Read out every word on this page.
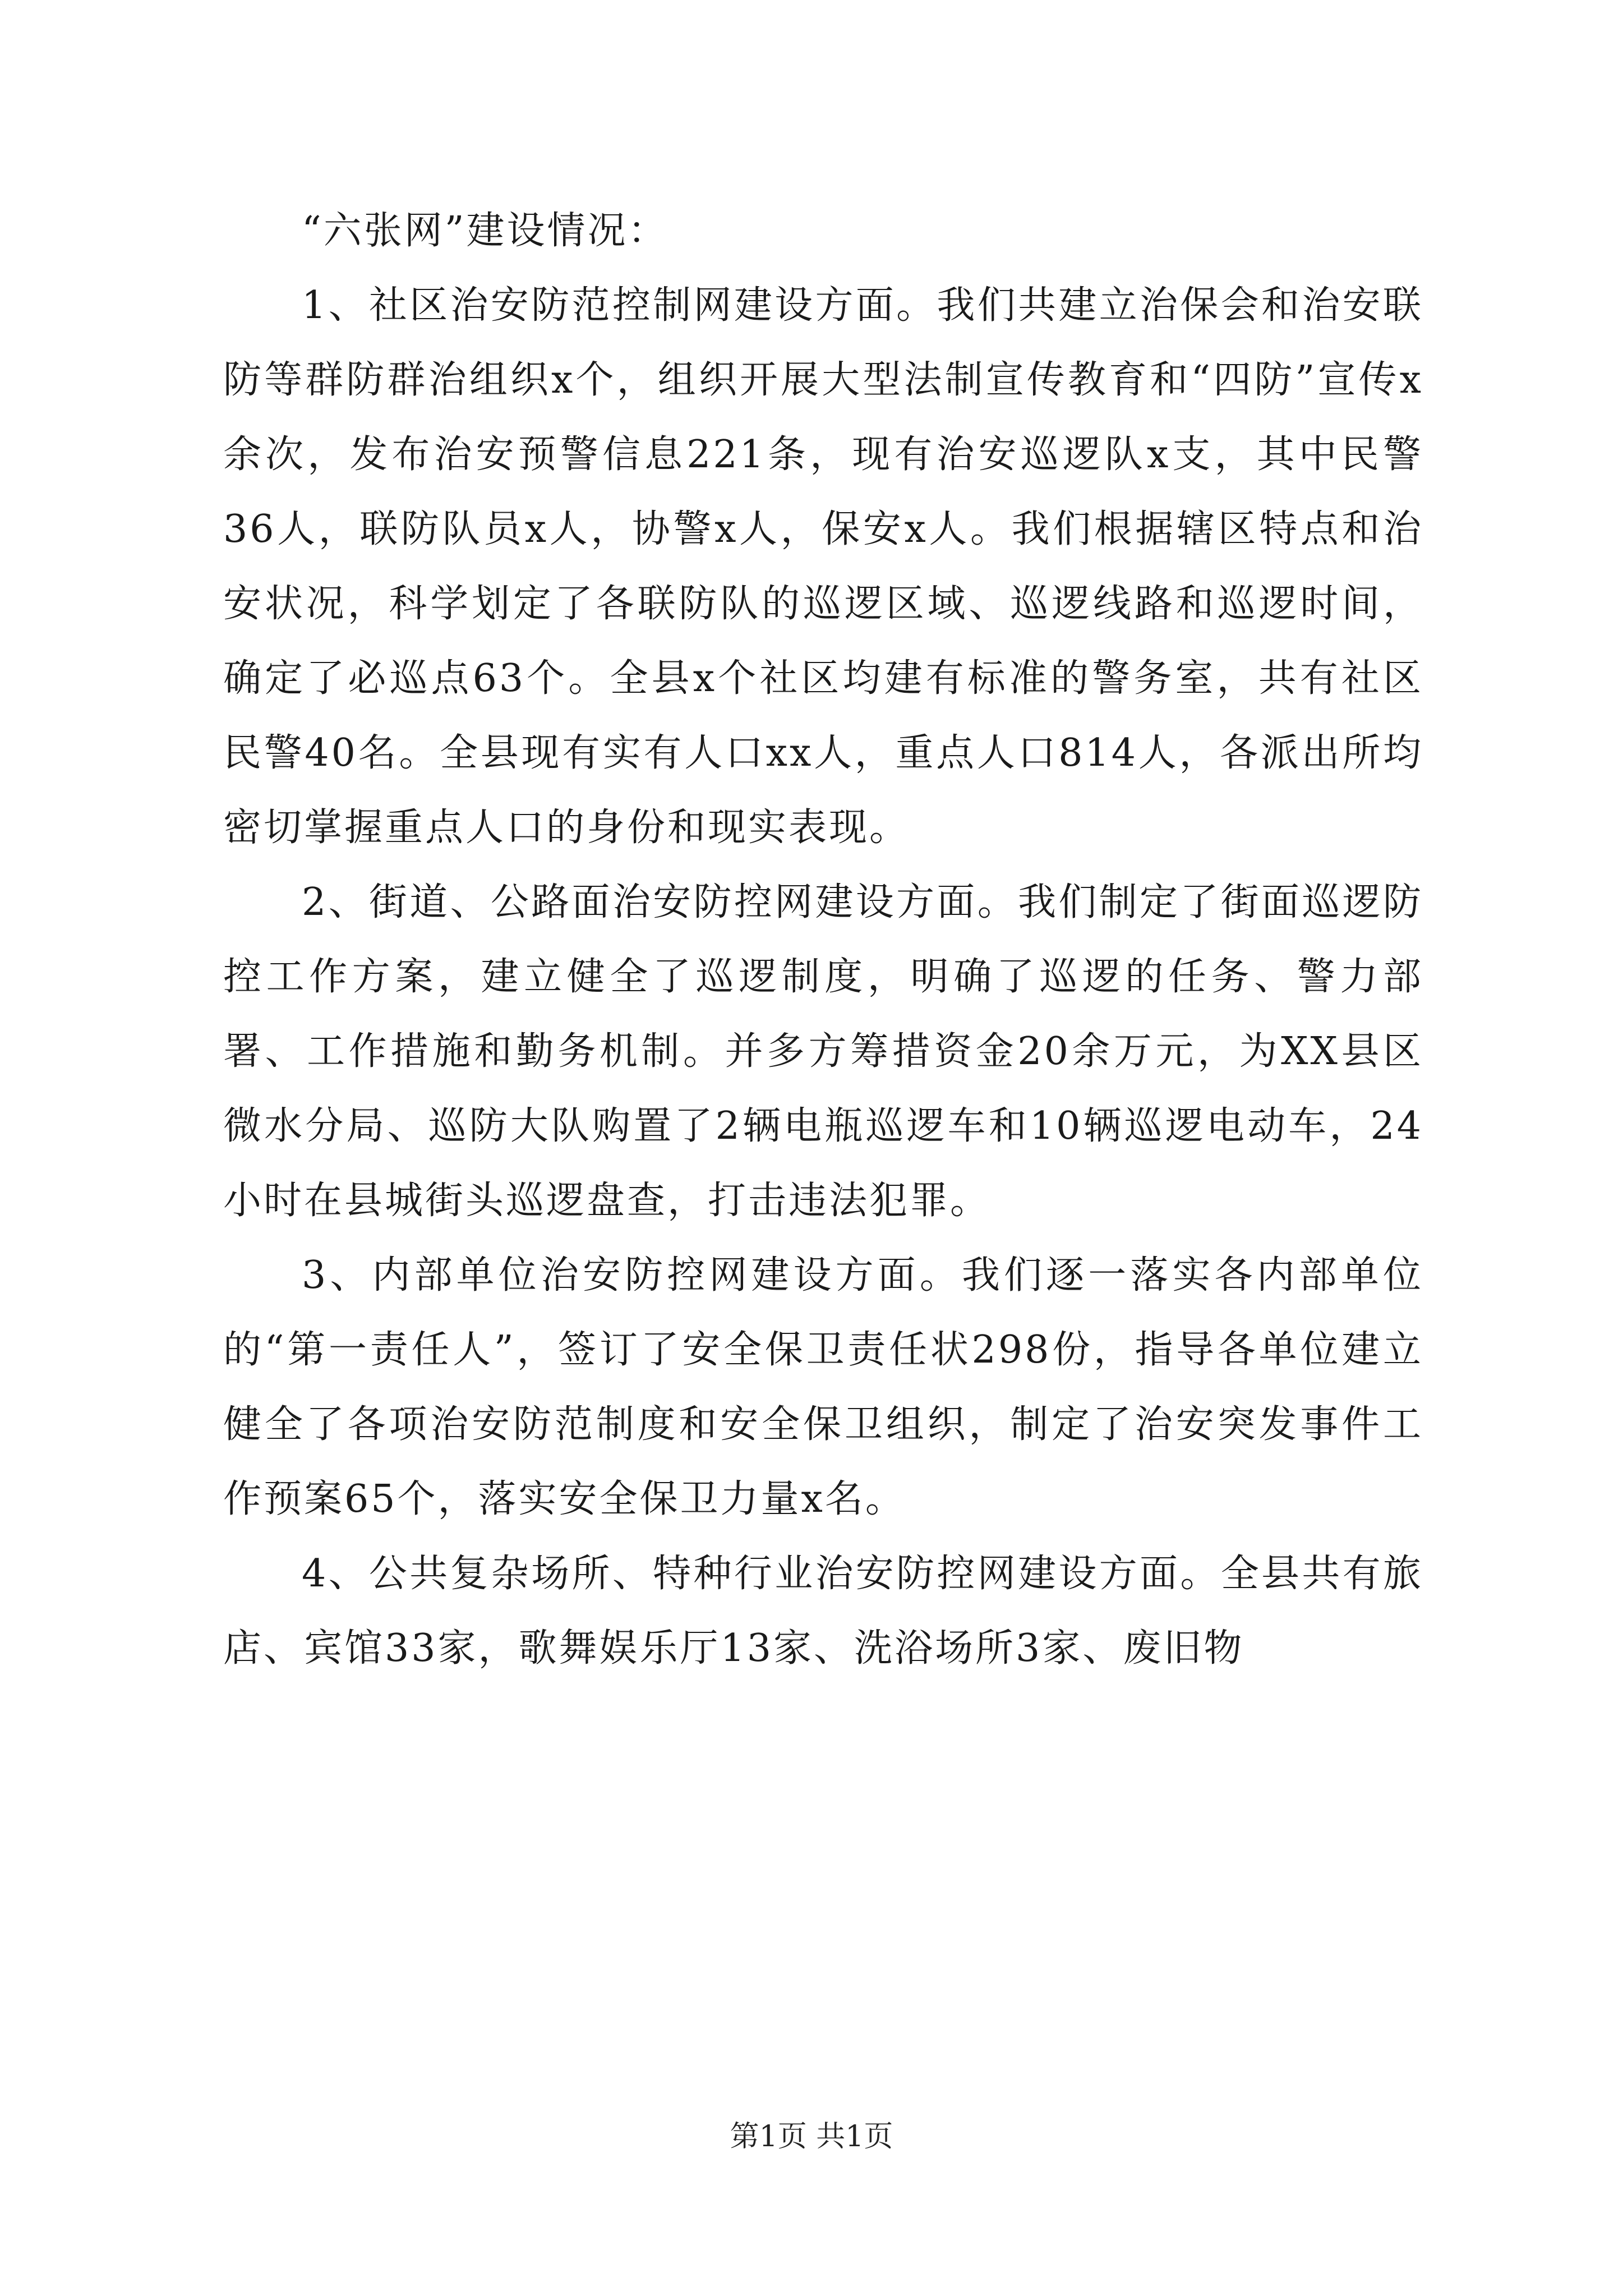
“六张网”建设情况：

1、社区治安防范控制网建设方面。我们共建立治保会和治安联防等群防群治组织x个，组织开展大型法制宣传教育和“四防”宣传x余次，发布治安预警信息221条，现有治安巡逻队x支，其中民警36人，联防队员x人，协警x人，保安x人。我们根据辖区特点和治安状况，科学划定了各联防队的巡逻区域、巡逻线路和巡逻时间，确定了必巡点63个。全县x个社区均建有标准的警务室，共有社区民警40名。全县现有实有人口xx人，重点人口814人，各派出所均密切掌握重点人口的身份和现实表现。

2、街道、公路面治安防控网建设方面。我们制定了街面巡逻防控工作方案，建立健全了巡逻制度，明确了巡逻的任务、警力部署、工作措施和勤务机制。并多方筹措资金20余万元，为XX县区微水分局、巡防大队购置了2辆电瓶巡逻车和10辆巡逻电动车，24小时在县城街头巡逻盘查，打击违法犯罪。

3、内部单位治安防控网建设方面。我们逐一落实各内部单位的“第一责任人”，签订了安全保卫责任状298份，指导各单位建立健全了各项治安防范制度和安全保卫组织，制定了治安突发事件工作预案65个，落实安全保卫力量x名。

4、公共复杂场所、特种行业治安防控网建设方面。全县共有旅店、宾馆33家，歌舞娱乐厅13家、洗浴场所3家、废旧物

第1页 共1页
